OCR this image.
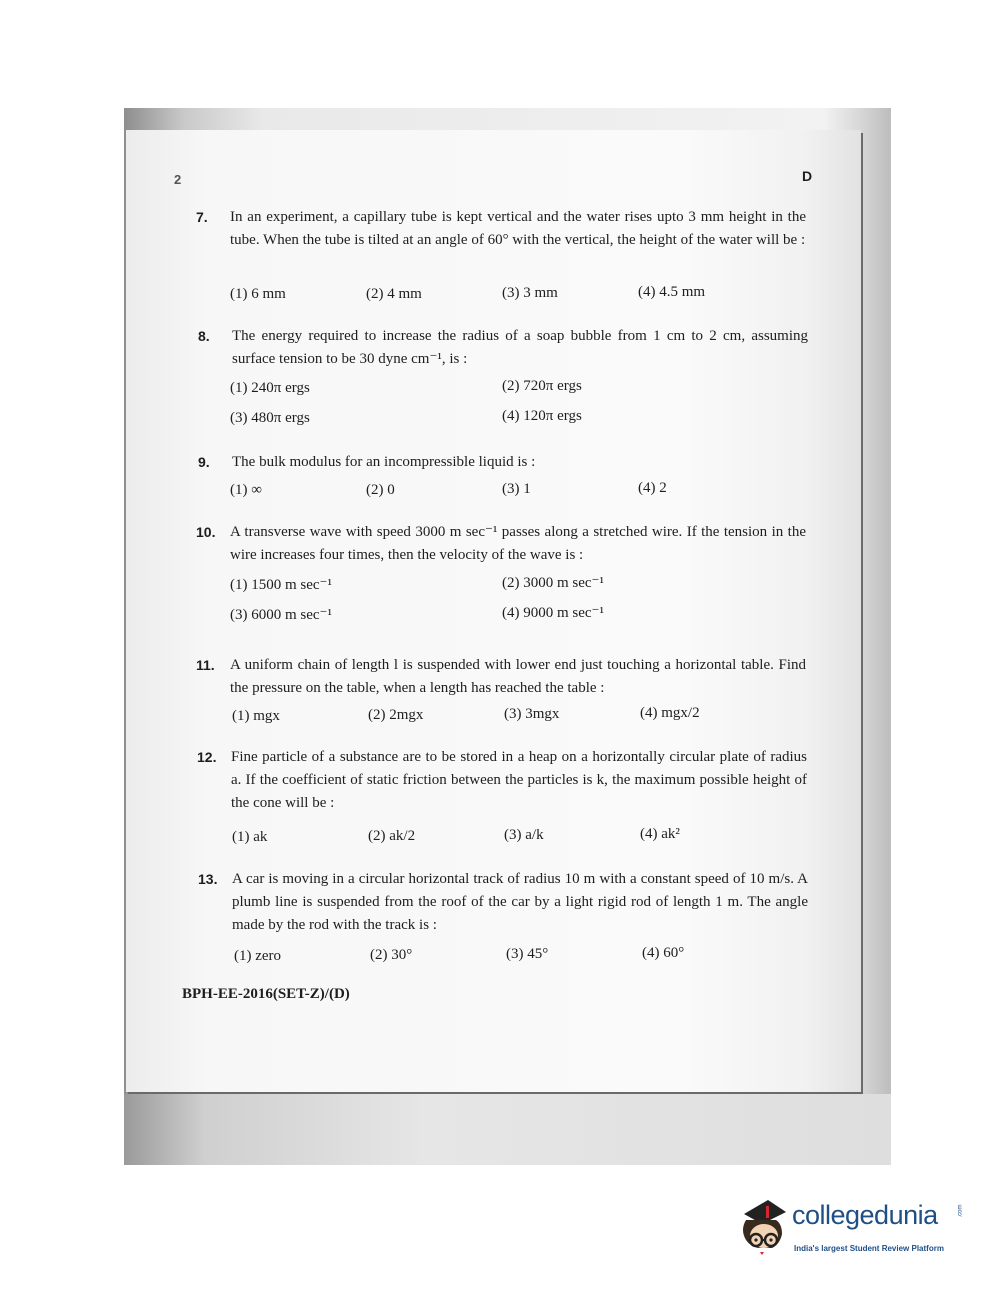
2	D
7. In an experiment, a capillary tube is kept vertical and the water rises upto 3 mm height in the tube. When the tube is tilted at an angle of 60° with the vertical, the height of the water will be :
(1) 6 mm	(2) 4 mm	(3) 3 mm	(4) 4.5 mm
8. The energy required to increase the radius of a soap bubble from 1 cm to 2 cm, assuming surface tension to be 30 dyne cm⁻¹, is :
(1) 240π ergs	(2) 720π ergs
(3) 480π ergs	(4) 120π ergs
9. The bulk modulus for an incompressible liquid is :
(1) ∞	(2) 0	(3) 1	(4) 2
10. A transverse wave with speed 3000 m sec⁻¹ passes along a stretched wire. If the tension in the wire increases four times, then the velocity of the wave is :
(1) 1500 m sec⁻¹	(2) 3000 m sec⁻¹
(3) 6000 m sec⁻¹	(4) 9000 m sec⁻¹
11. A uniform chain of length l is suspended with lower end just touching a horizontal table. Find the pressure on the table, when a length has reached the table :
(1) mgx	(2) 2mgx	(3) 3mgx	(4) mgx/2
12. Fine particle of a substance are to be stored in a heap on a horizontally circular plate of radius a. If the coefficient of static friction between the particles is k, the maximum possible height of the cone will be :
(1) ak	(2) ak/2	(3) a/k	(4) ak²
13. A car is moving in a circular horizontal track of radius 10 m with a constant speed of 10 m/s. A plumb line is suspended from the roof of the car by a light rigid rod of length 1 m. The angle made by the rod with the track is :
(1) zero	(2) 30°	(3) 45°	(4) 60°
BPH-EE-2016(SET-Z)/(D)
collegedunia	.com
India's largest Student Review Platform
